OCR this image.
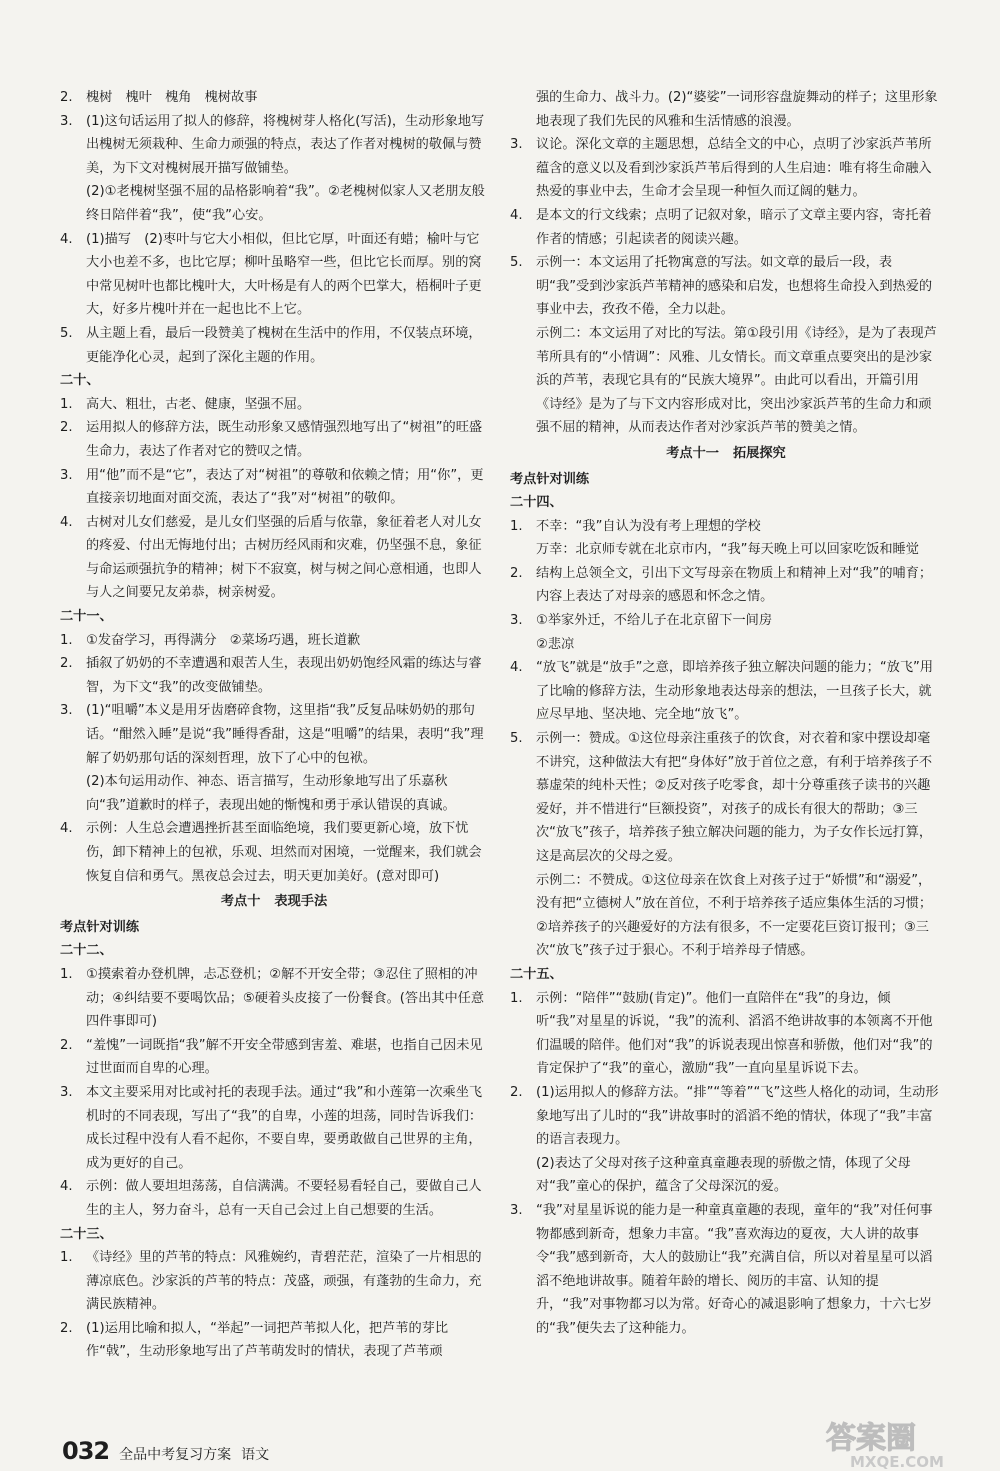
2. 槐树　槐叶　槐角　槐树故事
3. (1)这句话运用了拟人的修辞，将槐树芽人格化(写活)，生动形象地写出槐树无须栽种、生命力顽强的特点，表达了作者对槐树的敬佩与赞美，为下文对槐树展开描写做铺垫。
(2)①老槐树坚强不屈的品格影响着“我”。②老槐树似家人又老朋友般终日陪伴着“我”，使“我”心安。
4. (1)描写　(2)枣叶与它大小相似，但比它厚，叶面还有蜡；榆叶与它大小也差不多，也比它厚；柳叶虽略窄一些，但比它长而厚。别的窝中常见树叶也都比槐叶大，大叶杨是有人的两个巴掌大，梧桐叶子更大，好多片槐叶并在一起也比不上它。
5. 从主题上看，最后一段赞美了槐树在生活中的作用，不仅装点环境，更能净化心灵，起到了深化主题的作用。
二十、
1. 高大、粗壮，古老、健康，坚强不屈。
2. 运用拟人的修辞方法，既生动形象又感情强烈地写出了“树祖”的旺盛生命力，表达了作者对它的赞叹之情。
3. 用“他”而不是“它”，表达了对“树祖”的尊敬和依赖之情；用“你”，更直接亲切地面对面交流，表达了“我”对“树祖”的敬仰。
4. 古树对儿女们慈爱，是儿女们坚强的后盾与依靠，象征着老人对儿女的疼爱、付出无悔地付出；古树历经风雨和灾难，仍坚强不息，象征与命运顽强抗争的精神；树下不寂寞，树与树之间心意相通，也即人与人之间要兄友弟恭，树亲树爱。
二十一、
1. ①发奋学习，再得满分　②菜场巧遇，班长道歉
2. 插叙了奶奶的不幸遭遇和艰苦人生，表现出奶奶饱经风霜的练达与睿智，为下文“我”的改变做铺垫。
3. (1)“咀嚼”本义是用牙齿磨碎食物，这里指“我”反复品味奶奶的那句话。“酣然入睡”是说“我”睡得香甜，这是“咀嚼”的结果，表明“我”理解了奶奶那句话的深刻哲理，放下了心中的包袱。
(2)本句运用动作、神态、语言描写，生动形象地写出了乐嘉秋向“我”道歉时的样子，表现出她的惭愧和勇于承认错误的真诚。
4. 示例：人生总会遭遇挫折甚至面临绝境，我们要更新心境，放下忧伤，卸下精神上的包袱，乐观、坦然而对困境，一觉醒来，我们就会恢复自信和勇气。黑夜总会过去，明天更加美好。(意对即可)
考点十 表现手法
考点针对训练
二十二、
1. ①摸索着办登机牌，忐忑登机；②解不开安全带；③忍住了照相的冲动；④纠结要不要喝饮品；⑤硬着头皮接了一份餐食。(答出其中任意四件事即可)
2. “羞愧”一词既指“我”解不开安全带感到害羞、难堪，也指自己因未见过世面而自卑的心理。
3. 本文主要采用对比或衬托的表现手法。通过“我”和小莲第一次乘坐飞机时的不同表现，写出了“我”的自卑，小莲的坦荡，同时告诉我们：成长过程中没有人看不起你，不要自卑，要勇敢做自己世界的主角，成为更好的自己。
4. 示例：做人要坦坦荡荡，自信满满。不要轻易看轻自己，要做自己人生的主人，努力奋斗，总有一天自己会过上自己想要的生活。
二十三、
1. 《诗经》里的芦苇的特点：风雅婉约，青碧茫茫，渲染了一片相思的薄凉底色。沙家浜的芦苇的特点：茂盛，顽强，有蓬勃的生命力，充满民族精神。
2. (1)运用比喻和拟人，“举起”一词把芦苇拟人化，把芦苇的芽比作“戟”，生动形象地写出了芦苇萌发时的情状，表现了芦苇顽
强的生命力、战斗力。(2)“婆娑”一词形容盘旋舞动的样子；这里形象地表现了我们先民的风雅和生活情感的浪漫。
3. 议论。深化文章的主题思想，总结全文的中心，点明了沙家浜芦苇所蕴含的意义以及看到沙家浜芦苇后得到的人生启迪：唯有将生命融入热爱的事业中去，生命才会呈现一种恒久而辽阔的魅力。
4. 是本文的行文线索；点明了记叙对象，暗示了文章主要内容，寄托着作者的情感；引起读者的阅读兴趣。
5. 示例一：本文运用了托物寓意的写法。如文章的最后一段，表明“我”受到沙家浜芦苇精神的感染和启发，也想将生命投入到热爱的事业中去，孜孜不倦，全力以赴。
示例二：本文运用了对比的写法。第①段引用《诗经》，是为了表现芦苇所具有的“小情调”：风雅、儿女情长。而文章重点要突出的是沙家浜的芦苇，表现它具有的“民族大境界”。由此可以看出，开篇引用《诗经》是为了与下文内容形成对比，突出沙家浜芦苇的生命力和顽强不屈的精神，从而表达作者对沙家浜芦苇的赞美之情。
考点十一 拓展探究
考点针对训练
二十四、
1. 不幸：“我”自认为没有考上理想的学校
万幸：北京师专就在北京市内，“我”每天晚上可以回家吃饭和睡觉
2. 结构上总领全文，引出下文写母亲在物质上和精神上对“我”的哺育；内容上表达了对母亲的感恩和怀念之情。
3. ①举家外迁，不给儿子在北京留下一间房
②悲凉
4. “放飞”就是“放手”之意，即培养孩子独立解决问题的能力；“放飞”用了比喻的修辞方法，生动形象地表达母亲的想法，一旦孩子长大，就应尽早地、坚决地、完全地“放飞”。
5. 示例一：赞成。①这位母亲注重孩子的饮食，对衣着和家中摆设却毫不讲究，这种做法大有把“身体好”放于首位之意，有利于培养孩子不慕虚荣的纯朴天性；②反对孩子吃零食，却十分尊重孩子读书的兴趣爱好，并不惜进行“巨额投资”，对孩子的成长有很大的帮助；③三次“放飞”孩子，培养孩子独立解决问题的能力，为子女作长远打算，这是高层次的父母之爱。
示例二：不赞成。①这位母亲在饮食上对孩子过于“娇惯”和“溺爱”，没有把“立德树人”放在首位，不利于培养孩子适应集体生活的习惯；②培养孩子的兴趣爱好的方法有很多，不一定要花巨资订报刊；③三次“放飞”孩子过于狠心。不利于培养母子情感。
二十五、
1. 示例：“陪伴”“鼓励(肯定)”。他们一直陪伴在“我”的身边，倾听“我”对星星的诉说，“我”的流利、滔滔不绝讲故事的本领离不开他们温暖的陪伴。他们对“我”的诉说表现出惊喜和骄傲，他们对“我”的肯定保护了“我”的童心，激励“我”一直向星星诉说下去。
2. (1)运用拟人的修辞方法。“排”“等着”“飞”这些人格化的动词，生动形象地写出了儿时的“我”讲故事时的滔滔不绝的情状，体现了“我”丰富的语言表现力。
(2)表达了父母对孩子这种童真童趣表现的骄傲之情，体现了父母对“我”童心的保护，蕴含了父母深沉的爱。
3. “我”对星星诉说的能力是一种童真童趣的表现，童年的“我”对任何事物都感到新奇，想象力丰富。“我”喜欢海边的夏夜，大人讲的故事令“我”感到新奇，大人的鼓励让“我”充满自信，所以对着星星可以滔滔不绝地讲故事。随着年龄的增长、阅历的丰富、认知的提升，“我”对事物都习以为常。好奇心的减退影响了想象力，十六七岁的“我”便失去了这种能力。
032 全品中考复习方案 语文	答案圈
MXQE.COM
